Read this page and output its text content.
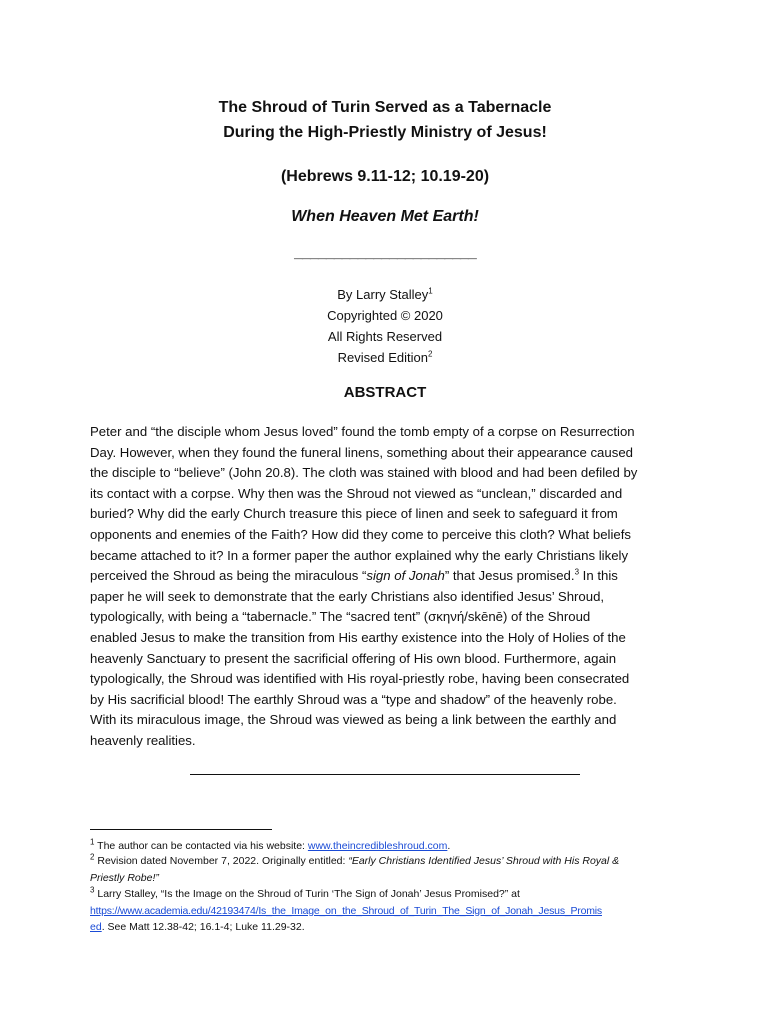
The Shroud of Turin Served as a Tabernacle
During the High-Priestly Ministry of Jesus!
(Hebrews 9.11-12; 10.19-20)
When Heaven Met Earth!
_______________________
By Larry Stalley$^1$
Copyrighted © 2020
All Rights Reserved
Revised Edition$^2$
ABSTRACT
Peter and “the disciple whom Jesus loved” found the tomb empty of a corpse on Resurrection
Day. However, when they found the funeral linens, something about their appearance caused
the disciple to “believe” (John 20.8). The cloth was stained with blood and had been defiled by
its contact with a corpse. Why then was the Shroud not viewed as “unclean,” discarded and
buried? Why did the early Church treasure this piece of linen and seek to safeguard it from
opponents and enemies of the Faith? How did they come to perceive this cloth? What beliefs
became attached to it? In a former paper the author explained why the early Christians likely
perceived the Shroud as being the miraculous “sign of Jonah” that Jesus promised.$^3$ In this
paper he will seek to demonstrate that the early Christians also identified Jesus’ Shroud,
typologically, with being a “tabernacle.” The “sacred tent” (σκηνή/skēnē) of the Shroud
enabled Jesus to make the transition from His earthy existence into the Holy of Holies of the
heavenly Sanctuary to present the sacrificial offering of His own blood. Furthermore, again
typologically, the Shroud was identified with His royal-priestly robe, having been consecrated
by His sacrificial blood! The earthly Shroud was a “type and shadow” of the heavenly robe.
With its miraculous image, the Shroud was viewed as being a link between the earthly and
heavenly realities.
$^1$ The author can be contacted via his website: www.theincredibleshroud.com.
$^2$ Revision dated November 7, 2022. Originally entitled: “Early Christians Identified Jesus’ Shroud with His Royal &
Priestly Robe!”
$^3$ Larry Stalley, “Is the Image on the Shroud of Turin ‘The Sign of Jonah’ Jesus Promised?” at
https://www.academia.edu/42193474/Is_the_Image_on_the_Shroud_of_Turin_The_Sign_of_Jonah_Jesus_Promis
ed. See Matt 12.38-42; 16.1-4; Luke 11.29-32.
